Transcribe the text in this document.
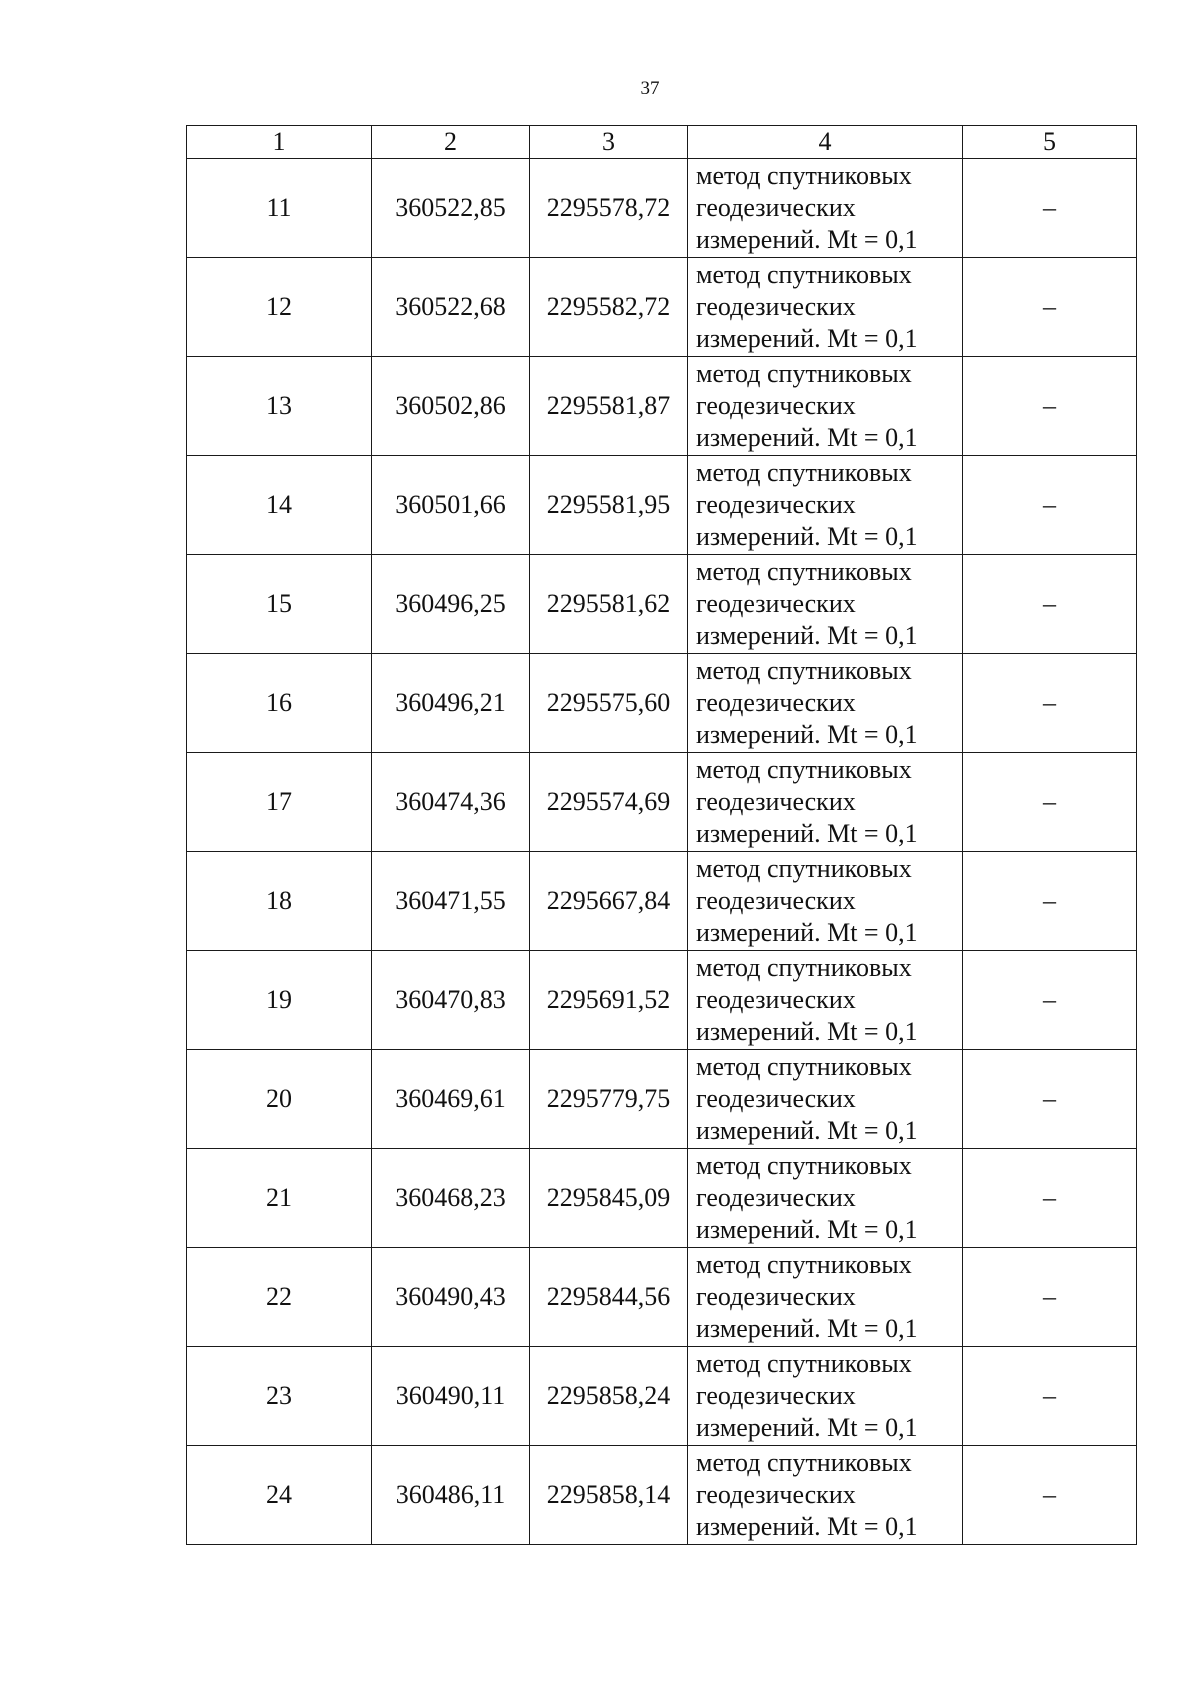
37
1	2	3	4	5
11	360522,85	2295578,72	метод спутниковых
геодезических
измерений. Mt = 0,1	–
12	360522,68	2295582,72	метод спутниковых
геодезических
измерений. Mt = 0,1	–
13	360502,86	2295581,87	метод спутниковых
геодезических
измерений. Mt = 0,1	–
14	360501,66	2295581,95	метод спутниковых
геодезических
измерений. Mt = 0,1	–
15	360496,25	2295581,62	метод спутниковых
геодезических
измерений. Mt = 0,1	–
16	360496,21	2295575,60	метод спутниковых
геодезических
измерений. Mt = 0,1	–
17	360474,36	2295574,69	метод спутниковых
геодезических
измерений. Mt = 0,1	–
18	360471,55	2295667,84	метод спутниковых
геодезических
измерений. Mt = 0,1	–
19	360470,83	2295691,52	метод спутниковых
геодезических
измерений. Mt = 0,1	–
20	360469,61	2295779,75	метод спутниковых
геодезических
измерений. Mt = 0,1	–
21	360468,23	2295845,09	метод спутниковых
геодезических
измерений. Mt = 0,1	–
22	360490,43	2295844,56	метод спутниковых
геодезических
измерений. Mt = 0,1	–
23	360490,11	2295858,24	метод спутниковых
геодезических
измерений. Mt = 0,1	–
24	360486,11	2295858,14	метод спутниковых
геодезических
измерений. Mt = 0,1	–
